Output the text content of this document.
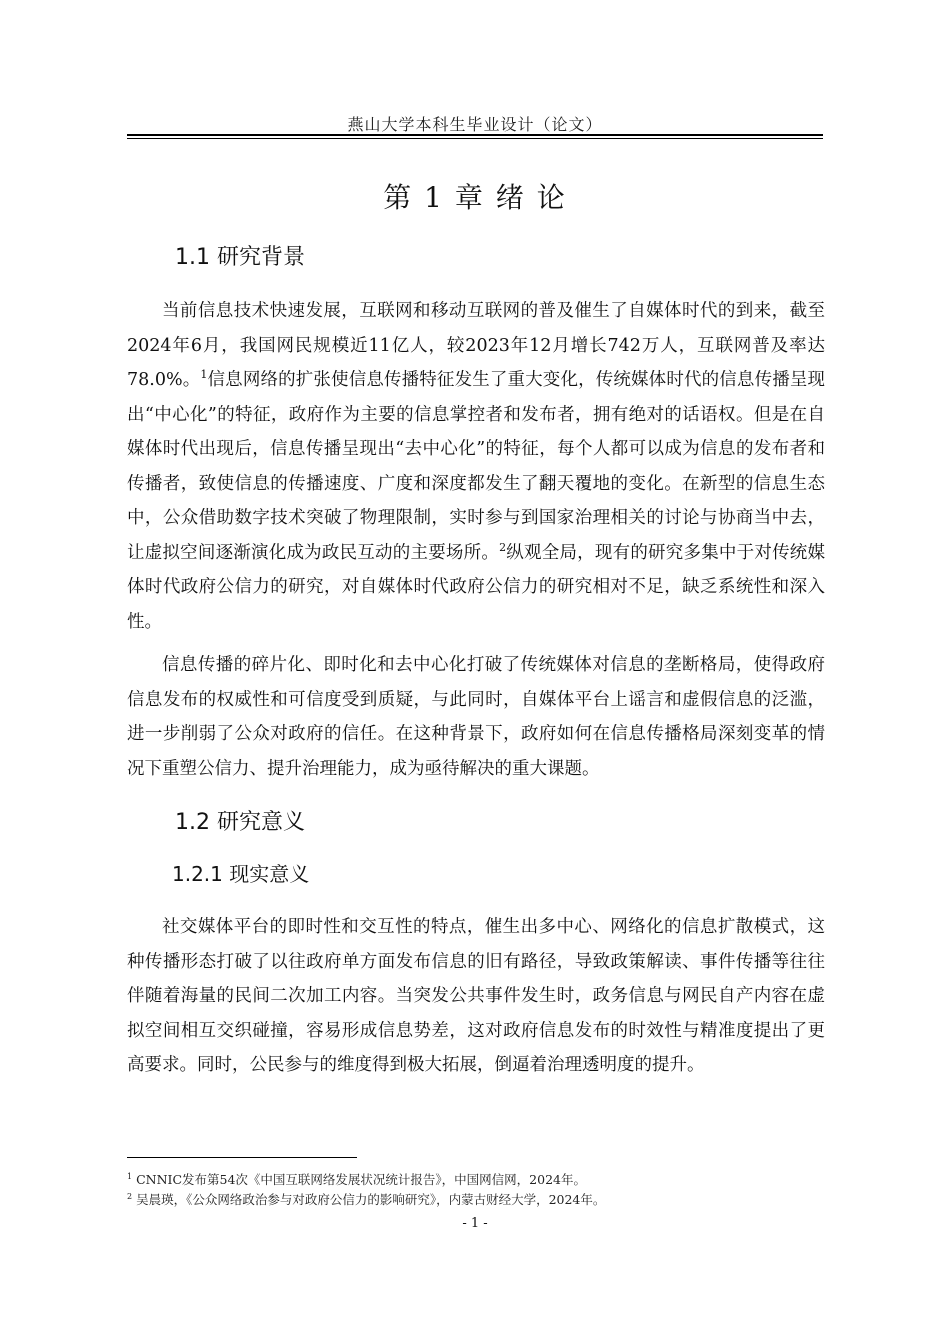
燕山大学本科生毕业设计（论文）
第 1 章 绪 论
1.1 研究背景

当前信息技术快速发展，互联网和移动互联网的普及催生了自媒体时代的到来，截至2024年6月，我国网民规模近11亿人，较2023年12月增长742万人，互联网普及率达78.0%。$^1$信息网络的扩张使信息传播特征发生了重大变化，传统媒体时代的信息传播呈现出“中心化”的特征，政府作为主要的信息掌控者和发布者，拥有绝对的话语权。但是在自媒体时代出现后，信息传播呈现出“去中心化”的特征，每个人都可以成为信息的发布者和传播者，致使信息的传播速度、广度和深度都发生了翻天覆地的变化。在新型的信息生态中，公众借助数字技术突破了物理限制，实时参与到国家治理相关的讨论与协商当中去，让虚拟空间逐渐演化成为政民互动的主要场所。$^2$纵观全局，现有的研究多集中于对传统媒体时代政府公信力的研究，对自媒体时代政府公信力的研究相对不足，缺乏系统性和深入性。

信息传播的碎片化、即时化和去中心化打破了传统媒体对信息的垄断格局，使得政府信息发布的权威性和可信度受到质疑，与此同时，自媒体平台上谣言和虚假信息的泛滥，进一步削弱了公众对政府的信任。在这种背景下，政府如何在信息传播格局深刻变革的情况下重塑公信力、提升治理能力，成为亟待解决的重大课题。

1.2 研究意义
1.2.1 现实意义

社交媒体平台的即时性和交互性的特点，催生出多中心、网络化的信息扩散模式，这种传播形态打破了以往政府单方面发布信息的旧有路径，导致政策解读、事件传播等往往伴随着海量的民间二次加工内容。当突发公共事件发生时，政务信息与网民自产内容在虚拟空间相互交织碰撞，容易形成信息势差，这对政府信息发布的时效性与精准度提出了更高要求。同时，公民参与的维度得到极大拓展，倒逼着治理透明度的提升。

$^1$ CNNIC发布第54次《中国互联网络发展状况统计报告》，中国网信网，2024年。

$^2$ 吴晨瑛，《公众网络政治参与对政府公信力的影响研究》，内蒙古财经大学，2024年。

- 1 -
